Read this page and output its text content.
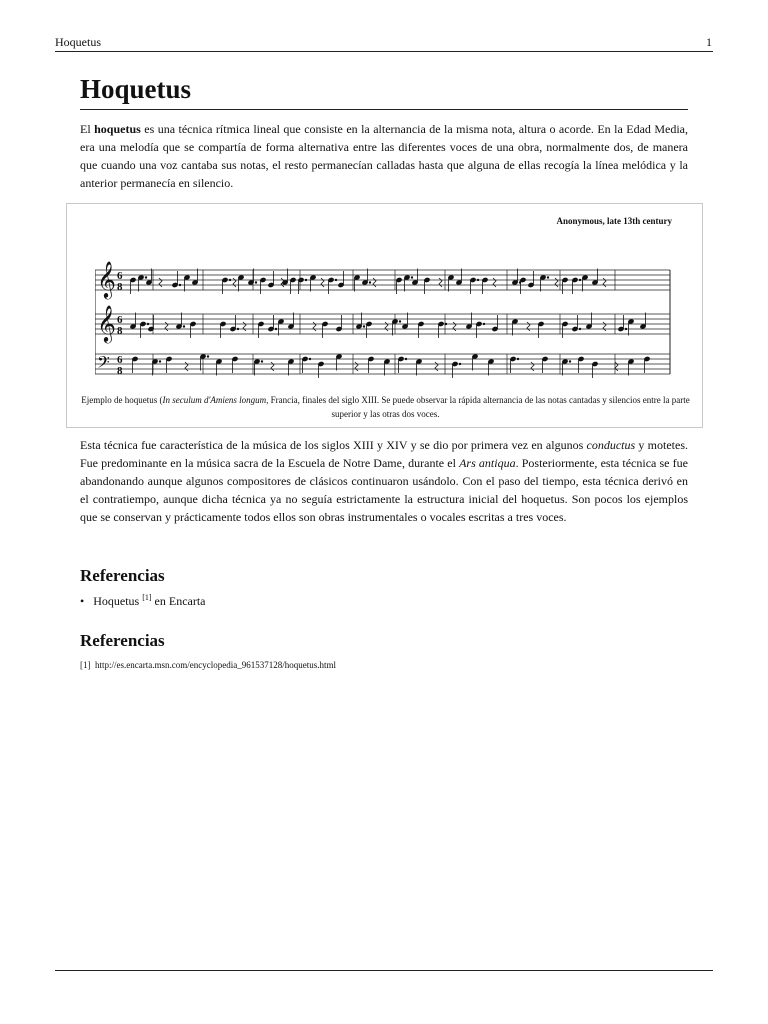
Hoquetus	1
Hoquetus

El hoquetus es una técnica rítmica lineal que consiste en la alternancia de la misma nota, altura o acorde. En la Edad Media, era una melodía que se compartía de forma alternativa entre las diferentes voces de una obra, normalmente dos, de manera que cuando una voz cantaba sus notas, el resto permanecían calladas hasta que alguna de ellas recogía la línea melódica y la anterior permanecía en silencio.

Anonymous, late 13th century
𝄞
𝄞
𝄢
6
8
6
8
6
8
Ejemplo de hoquetus (In seculum d'Amiens longum, Francia, finales del siglo XIII. Se puede observar la rápida alternancia de las notas cantadas y silencios entre la parte superior y las otras dos voces.

Esta técnica fue característica de la música de los siglos XIII y XIV y se dio por primera vez en algunos conductus y motetes. Fue predominante en la música sacra de la Escuela de Notre Dame, durante el Ars antiqua. Posteriormente, esta técnica se fue abandonando aunque algunos compositores de clásicos continuaron usándolo. Con el paso del tiempo, esta técnica derivó en el contratiempo, aunque dicha técnica ya no seguía estrictamente la estructura inicial del hoquetus. Son pocos los ejemplos que se conservan y prácticamente todos ellos son obras instrumentales o vocales escritas a tres voces.

Referencias
• Hoquetus [1] en Encarta
Referencias
[1] http://es.encarta.msn.com/encyclopedia_961537128/hoquetus.html
